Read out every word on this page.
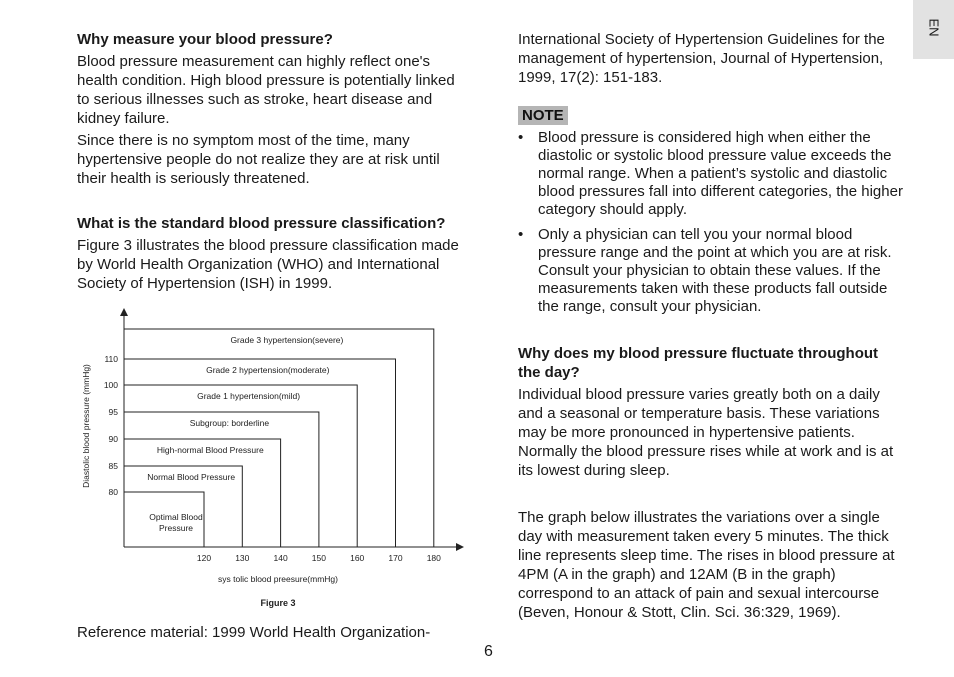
EN
Why measure your blood pressure?

Blood pressure measurement can highly reflect one's health condition. High blood pressure is potentially linked to serious illnesses such as stroke, heart disease and kidney failure.

Since there is no symptom most of the time, many hypertensive people do not realize they are at risk until their health is seriously threatened.

What is the standard blood pressure classification?

Figure 3 illustrates the blood pressure classification made by World Health Organization (WHO) and International Society of Hypertension (ISH) in 1999.

Optimal Blood
Pressure
Normal Blood Pressure
High-normal Blood Pressure
Subgroup: borderline
Grade 1 hypertension(mild)
Grade 2 hypertension(moderate)
Grade 3 hypertension(severe)
120	130	140	150	160	170	180
80
85
90
95
100
110
sys tolic blood preesure(mmHg)
Diastolic blood pressure (mmHg)
Figure 3
Reference material: 1999 World Health Organization-

International Society of Hypertension Guidelines for the management of hypertension, Journal of Hypertension, 1999, 17(2): 151-183.

NOTE
• Blood pressure is considered high when either the diastolic or systolic blood pressure value exceeds the normal range. When a patient’s systolic and diastolic blood pressures fall into different categories, the higher category should apply.
• Only a physician can tell you your normal blood pressure range and the point at which you are at risk. Consult your physician to obtain these values. If the measurements taken with these products fall outside the range, consult your physician.
Why does my blood pressure fluctuate throughout the day?

Individual blood pressure varies greatly both on a daily and a seasonal or temperature basis. These variations may be more pronounced in hypertensive patients. Normally the blood pressure rises while at work and is at its lowest during sleep.

The graph below illustrates the variations over a single day with measurement taken every 5 minutes. The thick line represents sleep time. The rises in blood pressure at 4PM (A in the graph) and 12AM (B in the graph) correspond to an attack of pain and sexual intercourse (Beven, Honour & Stott, Clin. Sci. 36:329, 1969).

6
